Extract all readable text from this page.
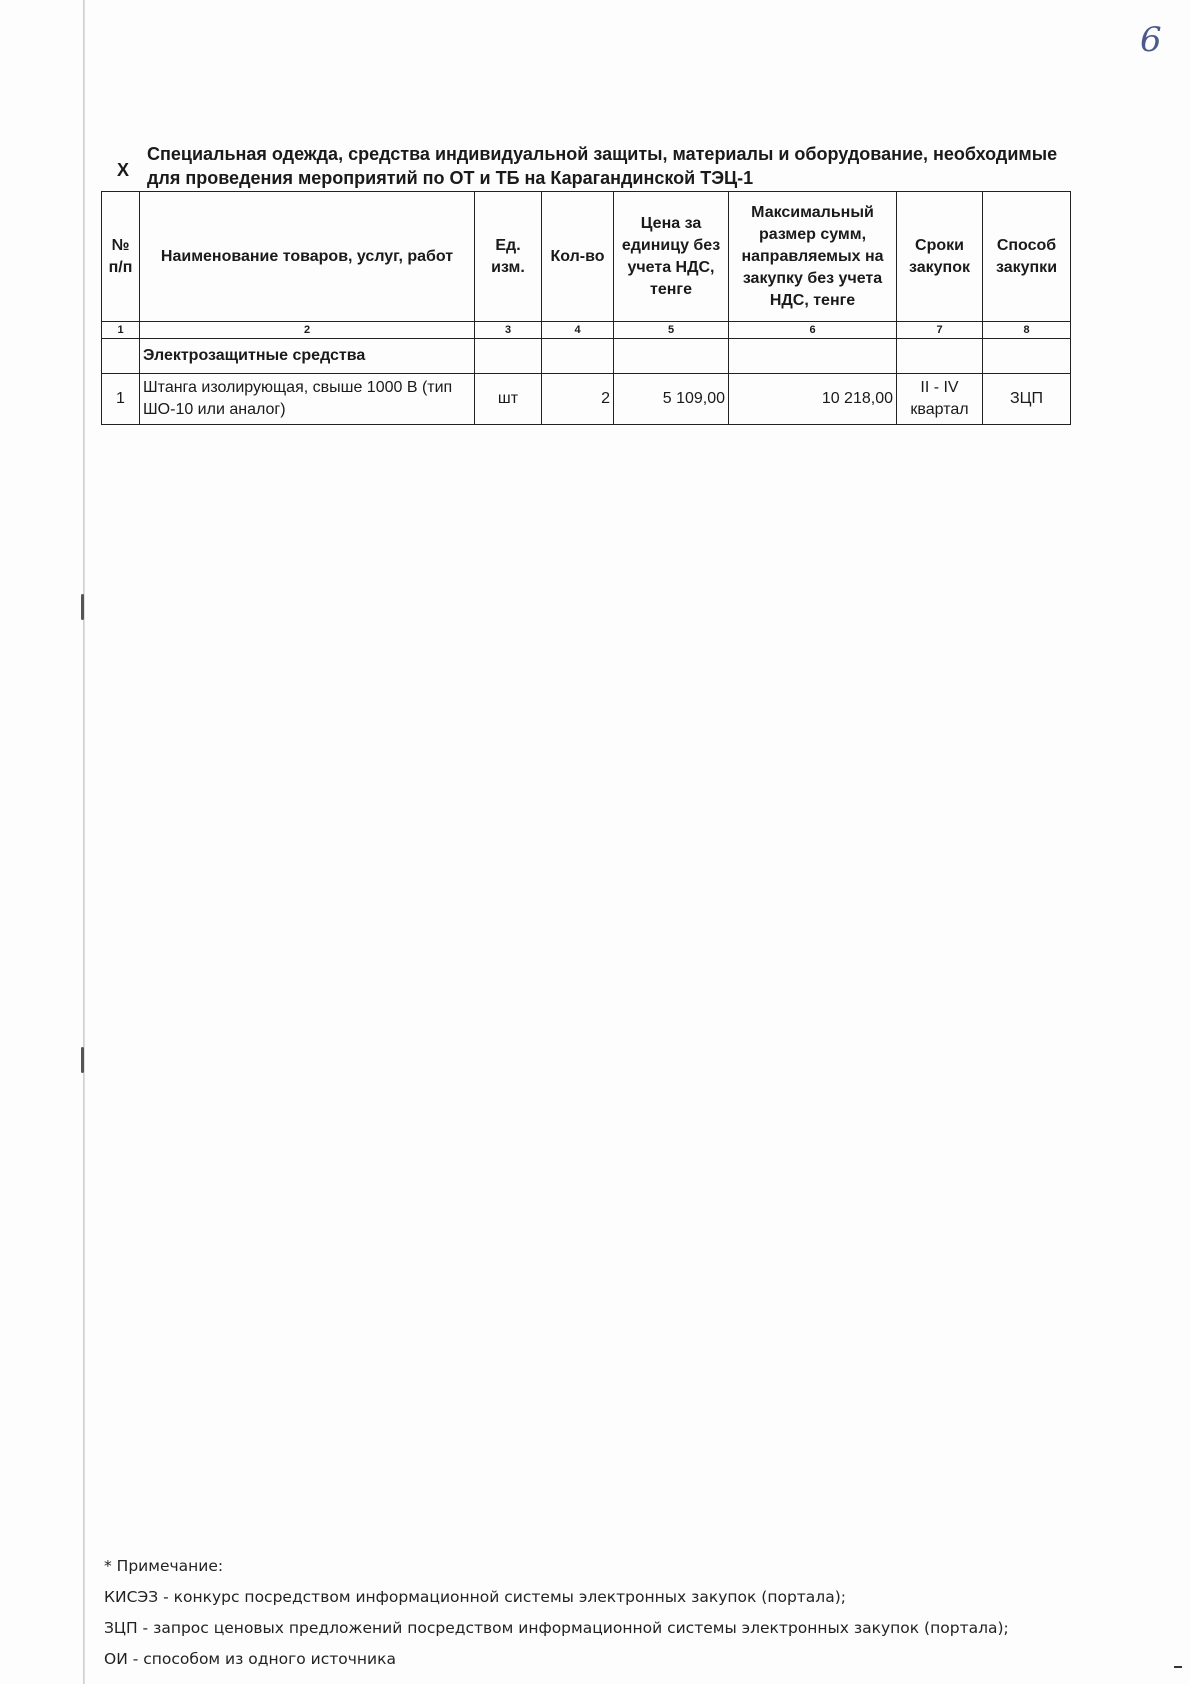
6
X
Специальная одежда, средства индивидуальной защиты, материалы и оборудование, необходимые для проведения мероприятий по ОТ и ТБ на Карагандинской ТЭЦ-1
№ п/п	Наименование товаров, услуг, работ	Ед. изм.	Кол-во	Цена за единицу без учета НДС, тенге	Максимальный размер сумм, направляемых на закупку без учета НДС, тенге	Сроки закупок	Способ закупки
1	2	3	4	5	6	7	8
	Электрозащитные средства						
1	Штанга изолирующая, свыше 1000 В (тип ШО-10 или аналог)	шт	2	5 109,00	10 218,00	II - IV квартал	ЗЦП
* Примечание:
КИСЭЗ - конкурс посредством информационной системы электронных закупок (портала);
ЗЦП - запрос ценовых предложений посредством информационной системы электронных закупок (портала);
ОИ - способом из одного источника
